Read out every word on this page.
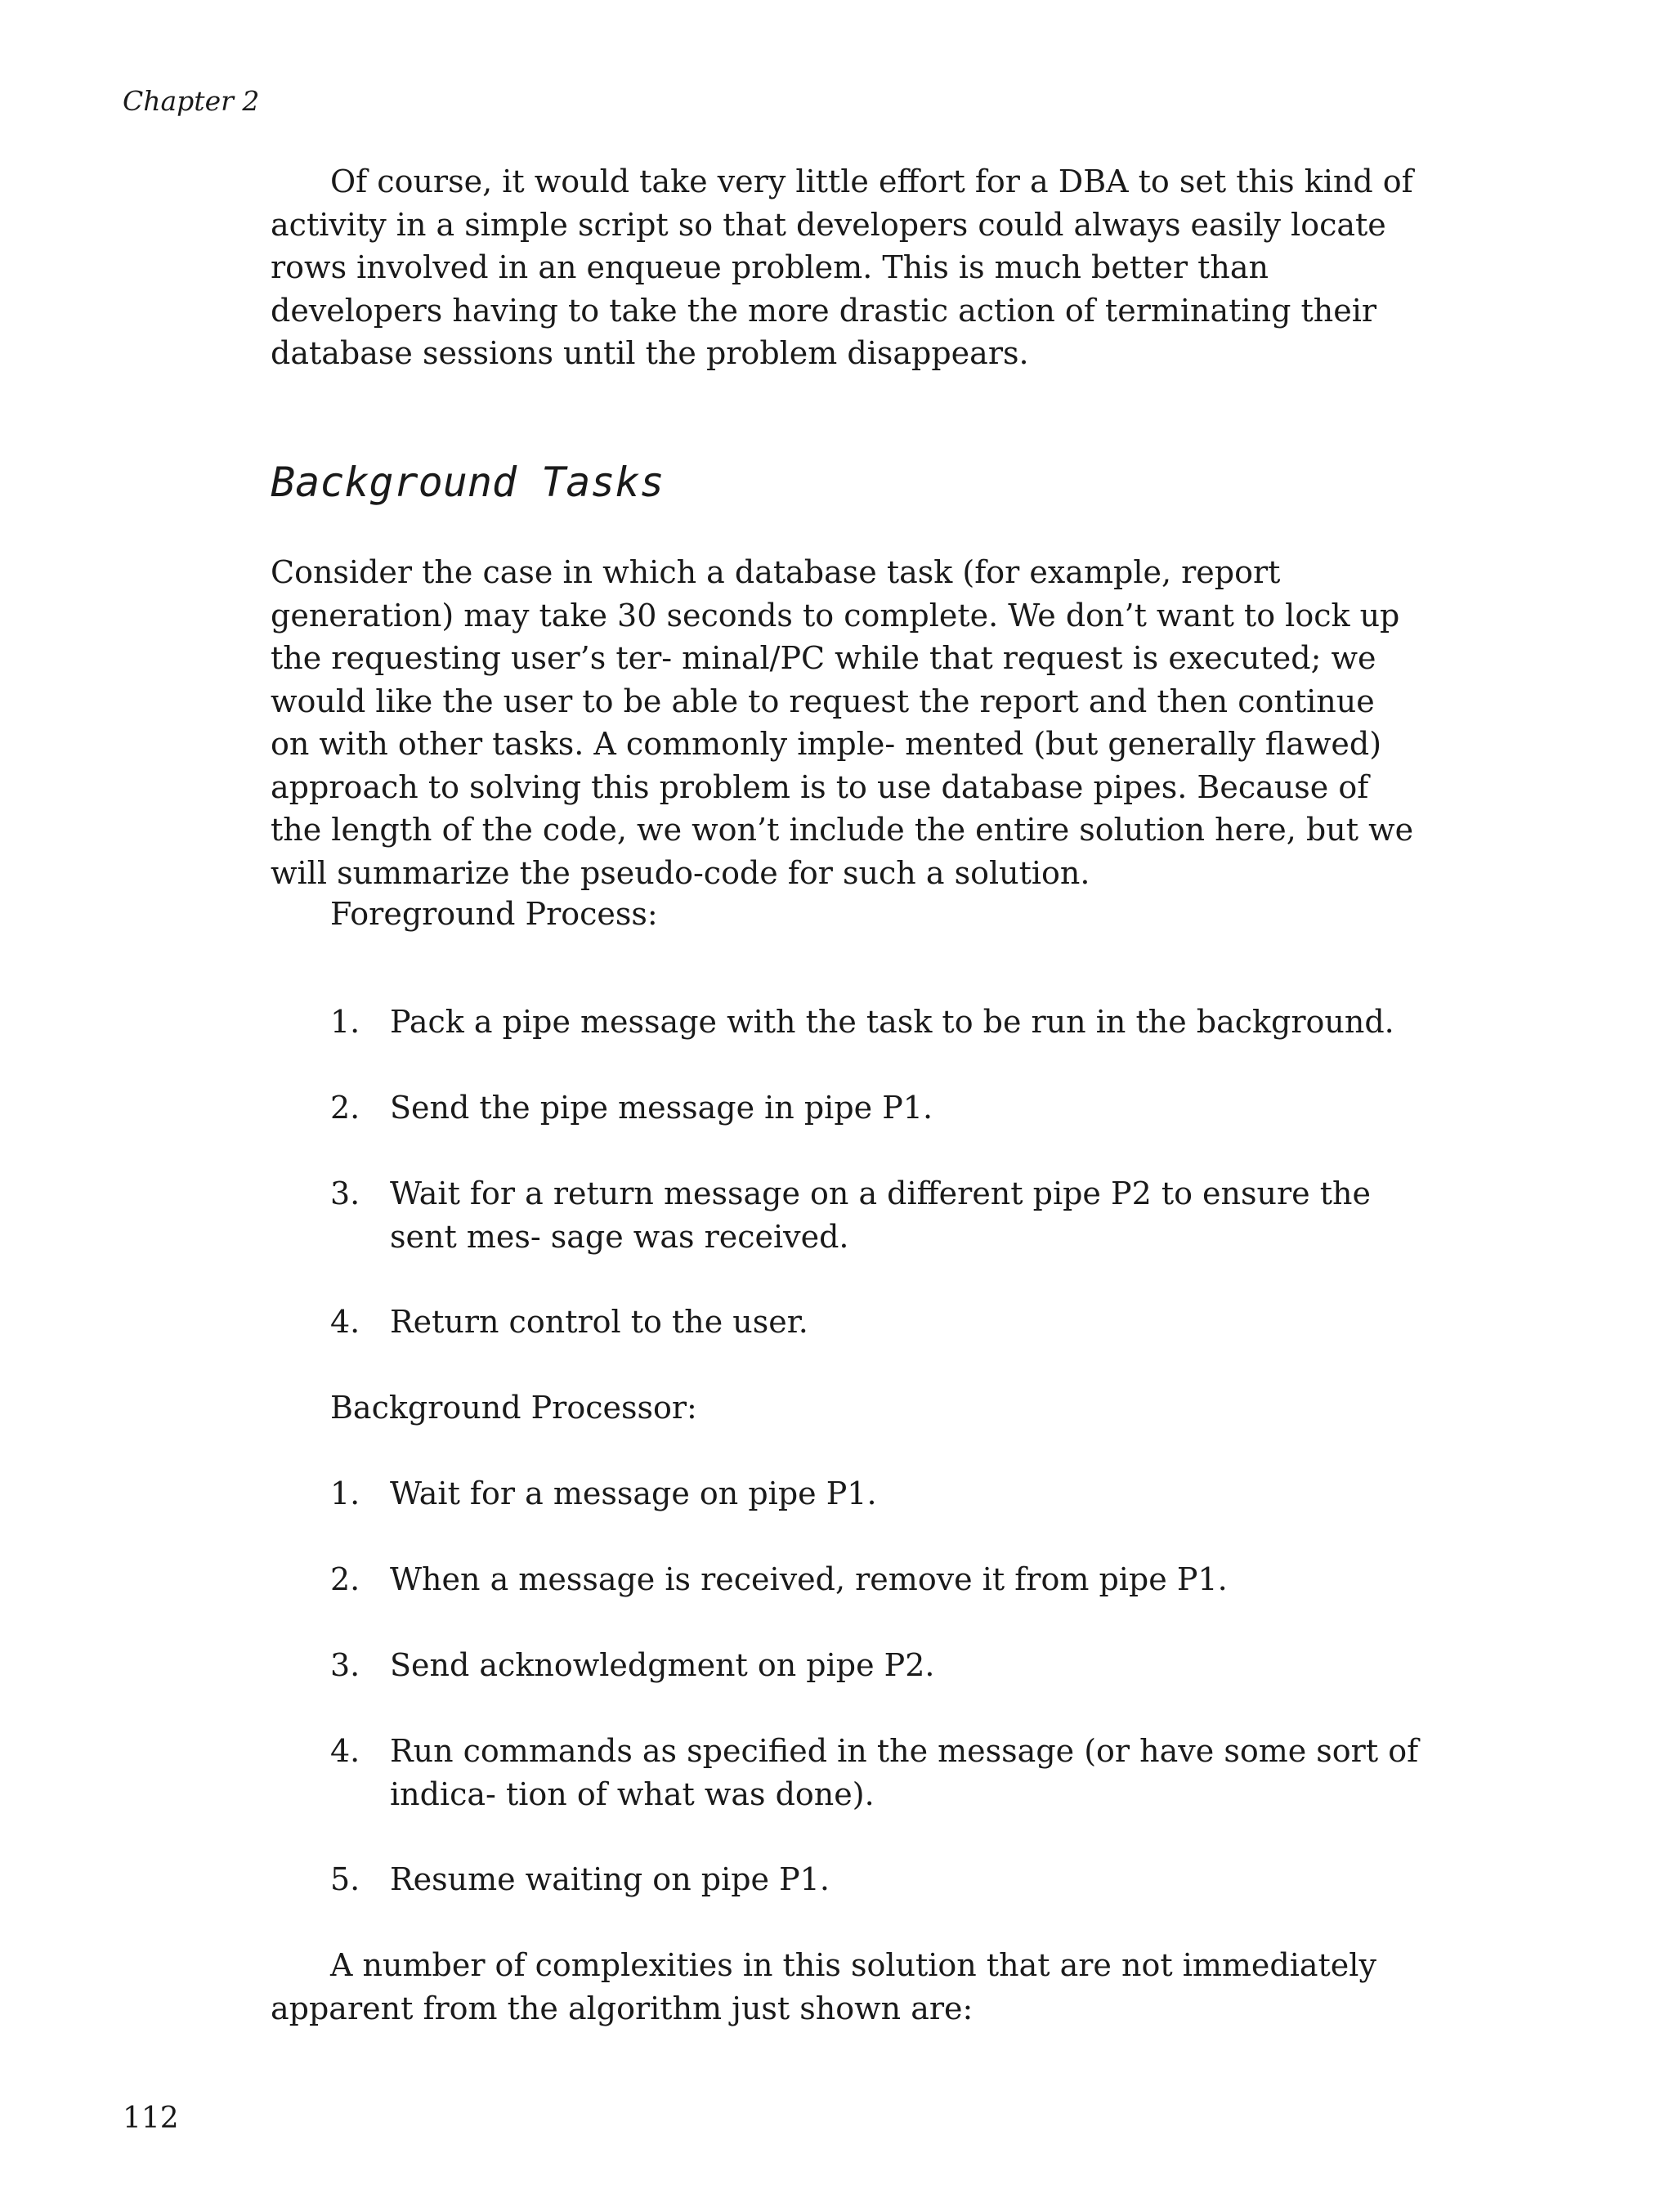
Chapter 2

Of course, it would take very little effort for a DBA to set this kind of activity in a simple script so that developers could always easily locate rows involved in an enqueue problem. This is much better than developers having to take the more drastic action of terminating their database sessions until the problem disappears.

Background Tasks

Consider the case in which a database task (for example, report generation) may take 30 seconds to complete. We don’t want to lock up the requesting user’s ter- minal/PC while that request is executed; we would like the user to be able to request the report and then continue on with other tasks. A commonly imple- mented (but generally flawed) approach to solving this problem is to use database pipes. Because of the length of the code, we won’t include the entire solution here, but we will summarize the pseudo-code for such a solution.

Foreground Process:

1. Pack a pipe message with the task to be run in the background.
2. Send the pipe message in pipe P1.
3. Wait for a return message on a different pipe P2 to ensure the sent mes- sage was received.
4. Return control to the user.

Background Processor:

1. Wait for a message on pipe P1.
2. When a message is received, remove it from pipe P1.
3. Send acknowledgment on pipe P2.
4. Run commands as specified in the message (or have some sort of indica- tion of what was done).
5. Resume waiting on pipe P1.

A number of complexities in this solution that are not immediately apparent from the algorithm just shown are:

112
